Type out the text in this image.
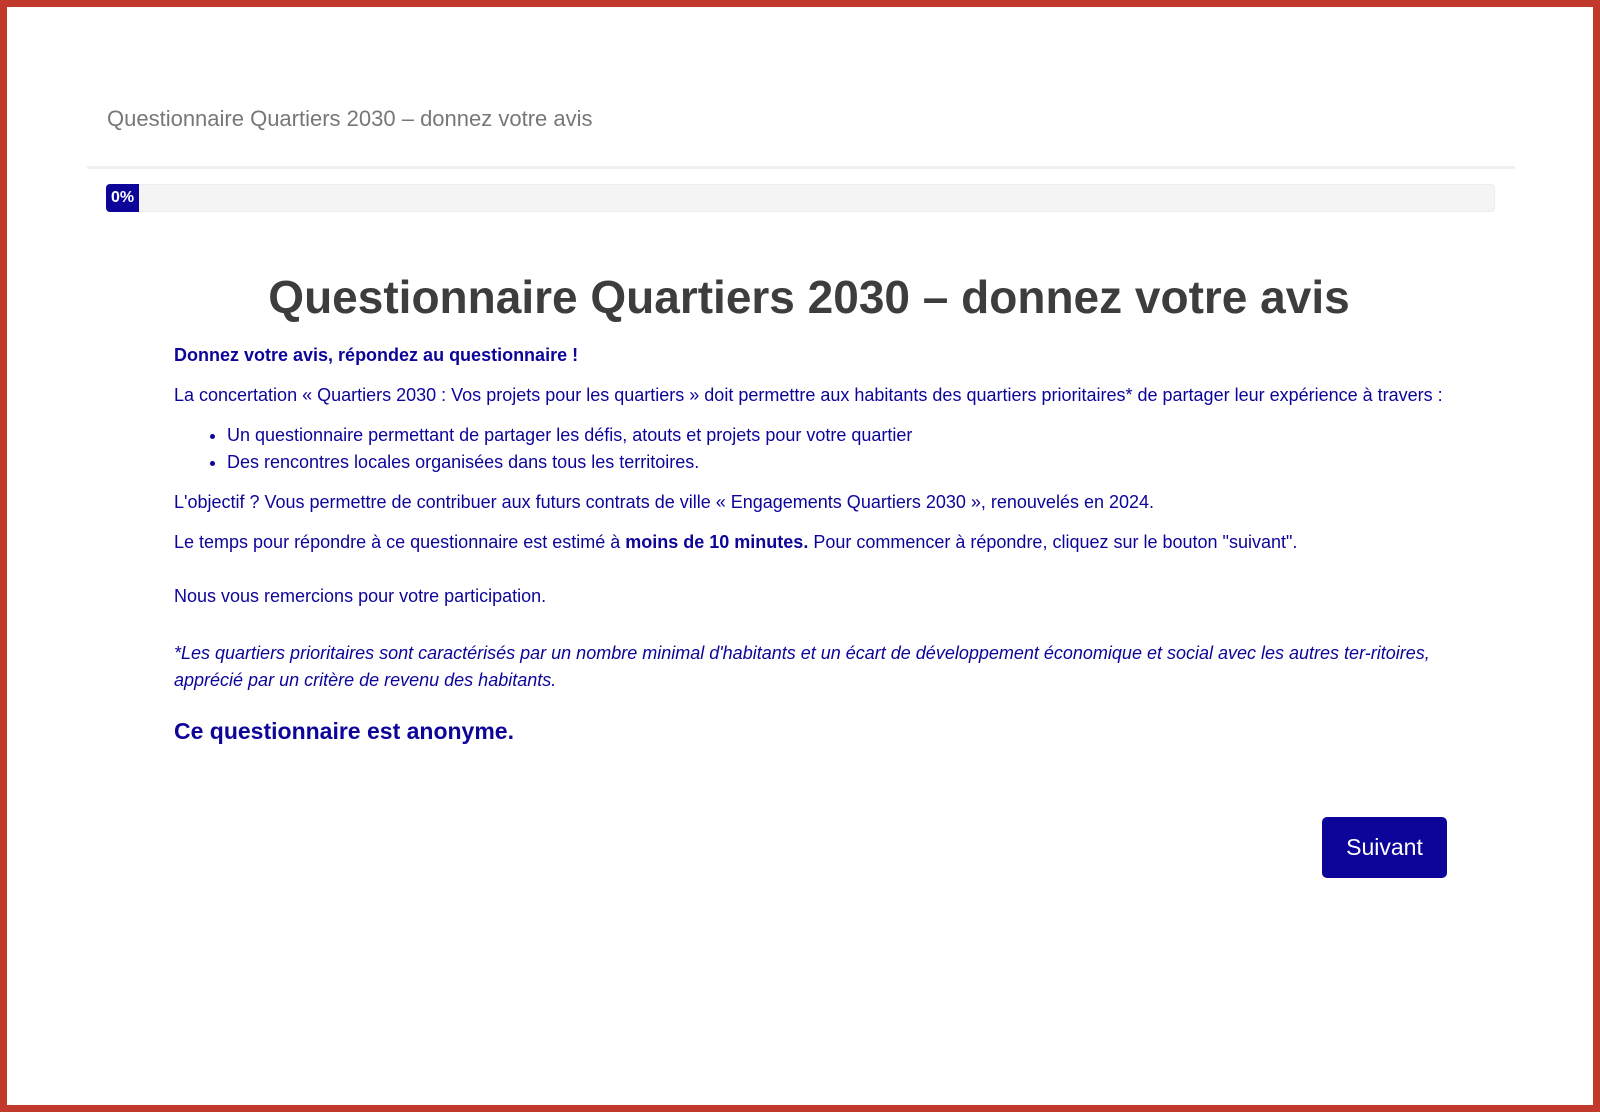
Questionnaire Quartiers 2030 – donnez votre avis
0%
Questionnaire Quartiers 2030 – donnez votre avis

Donnez votre avis, répondez au questionnaire !

La concertation « Quartiers 2030 : Vos projets pour les quartiers » doit permettre aux habitants des quartiers prioritaires* de partager leur expérience à travers :

• Un questionnaire permettant de partager les défis, atouts et projets pour votre quartier
• Des rencontres locales organisées dans tous les territoires.

L'objectif ? Vous permettre de contribuer aux futurs contrats de ville « Engagements Quartiers 2030 », renouvelés en 2024.

Le temps pour répondre à ce questionnaire est estimé à moins de 10 minutes. Pour commencer à répondre, cliquez sur le bouton "suivant".

Nous vous remercions pour votre participation.

*Les quartiers prioritaires sont caractérisés par un nombre minimal d'habitants et un écart de développement économique et social avec les autres ter-ritoires, apprécié par un critère de revenu des habitants.

Ce questionnaire est anonyme.

Suivant
